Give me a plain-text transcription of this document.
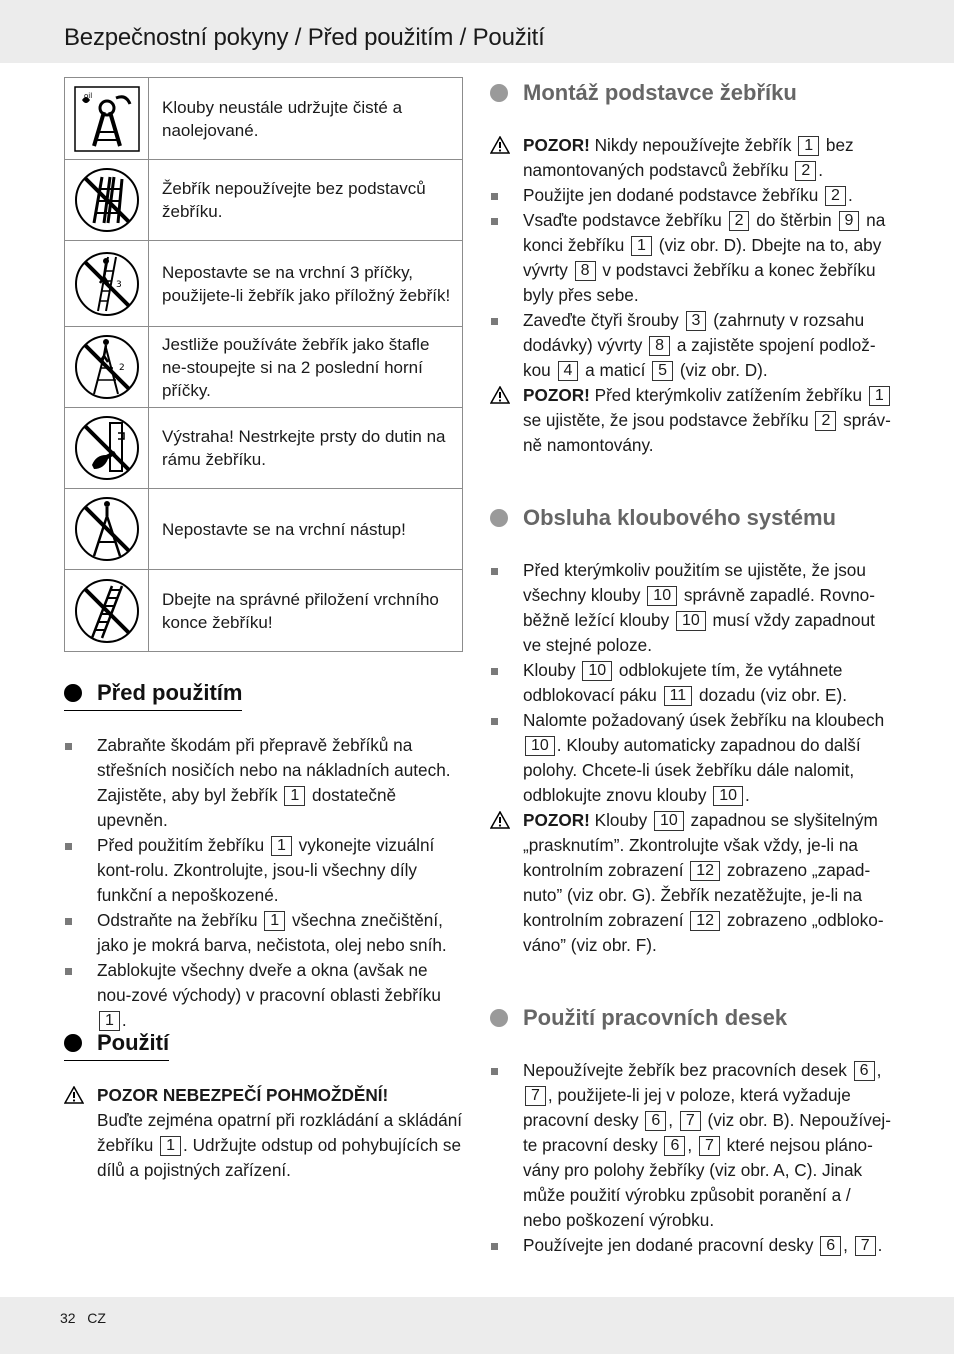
Bezpečnostní pokyny / Před použitím / Použití
oil	Klouby neustále udržujte čisté a naolejované.

	Žebřík nepoužívejte bez podstavců žebříku.

3	Nepostavte se na vrchní 3 příčky, použijete-li žebřík jako příložný žebřík!

2	Jestliže používáte žebřík jako štafle ne-stoupejte si na 2 poslední horní příčky.

	Výstraha! Nestrkejte prsty do dutin na rámu žebříku.

	Nepostavte se na vrchní nástup!

	Dbejte na správné přiložení vrchního konce žebříku!
Před použitím
Zabraňte škodám při přepravě žebříků na střešních nosičích nebo na nákladních autech. Zajistěte, aby byl žebřík 1 dostatečně upevněn.
Před použitím žebříku 1 vykonejte vizuální kont-rolu. Zkontrolujte, jsou-li všechny díly funkční a nepoškozené.
Odstraňte na žebříku 1 všechna znečištění, jako je mokrá barva, nečistota, olej nebo sníh.
Zablokujte všechny dveře a okna (avšak ne nou-zové východy) v pracovní oblasti žebříku 1 .
Použití
POZOR NEBEZPEČÍ POHMOŽDĚNÍ!
Buďte zejména opatrní při rozkládání a skládání žebříku 1 . Udržujte odstup od pohybujících se dílů a pojistných zařízení.
Montáž podstavce žebříku
POZOR! Nikdy nepoužívejte žebřík 1 bez namontovaných podstavců žebříku 2 .
Použijte jen dodané podstavce žebříku 2 .
Vsaďte podstavce žebříku 2 do štěrbin 9 na konci žebříku 1 (viz obr. D). Dbejte na to, aby vývrty 8 v podstavci žebříku a konec žebříku byly přes sebe.
Zaveďte čtyři šrouby 3 (zahrnuty v rozsahu dodávky) vývrty 8 a zajistěte spojení podlož-kou 4 a maticí 5 (viz obr. D).
POZOR! Před kterýmkoliv zatížením žebříku 1 se ujistěte, že jsou podstavce žebříku 2 správ-ně namontovány.
Obsluha kloubového systému
Před kterýmkoliv použitím se ujistěte, že jsou všechny klouby 10 správně zapadlé. Rovno-běžně ležící klouby 10 musí vždy zapadnout ve stejné poloze.
Klouby 10 odblokujete tím, že vytáhnete odblokovací páku 11 dozadu (viz obr. E).
Nalomte požadovaný úsek žebříku na kloubech 10 . Klouby automaticky zapadnou do další polohy. Chcete-li úsek žebříku dále nalomit, odblokujte znovu klouby 10 .
POZOR! Klouby 10 zapadnou se slyšitelným „prasknutím”. Zkontrolujte však vždy, je-li na kontrolním zobrazení 12 zobrazeno „zapad-nuto” (viz obr. G). Žebřík nezatěžujte, je-li na kontrolním zobrazení 12 zobrazeno „odbloko-váno” (viz obr. F).
Použití pracovních desek
Nepoužívejte žebřík bez pracovních desek 6 , 7 , použijete-li jej v poloze, která vyžaduje pracovní desky 6 , 7 (viz obr. B). Nepoužívej-te pracovní desky 6 , 7 které nejsou pláno-vány pro polohy žebříky (viz obr. A, C). Jinak může použití výrobku způsobit poranění a / nebo poškození výrobku.
Používejte jen dodané pracovní desky 6 , 7 .
32 CZ
